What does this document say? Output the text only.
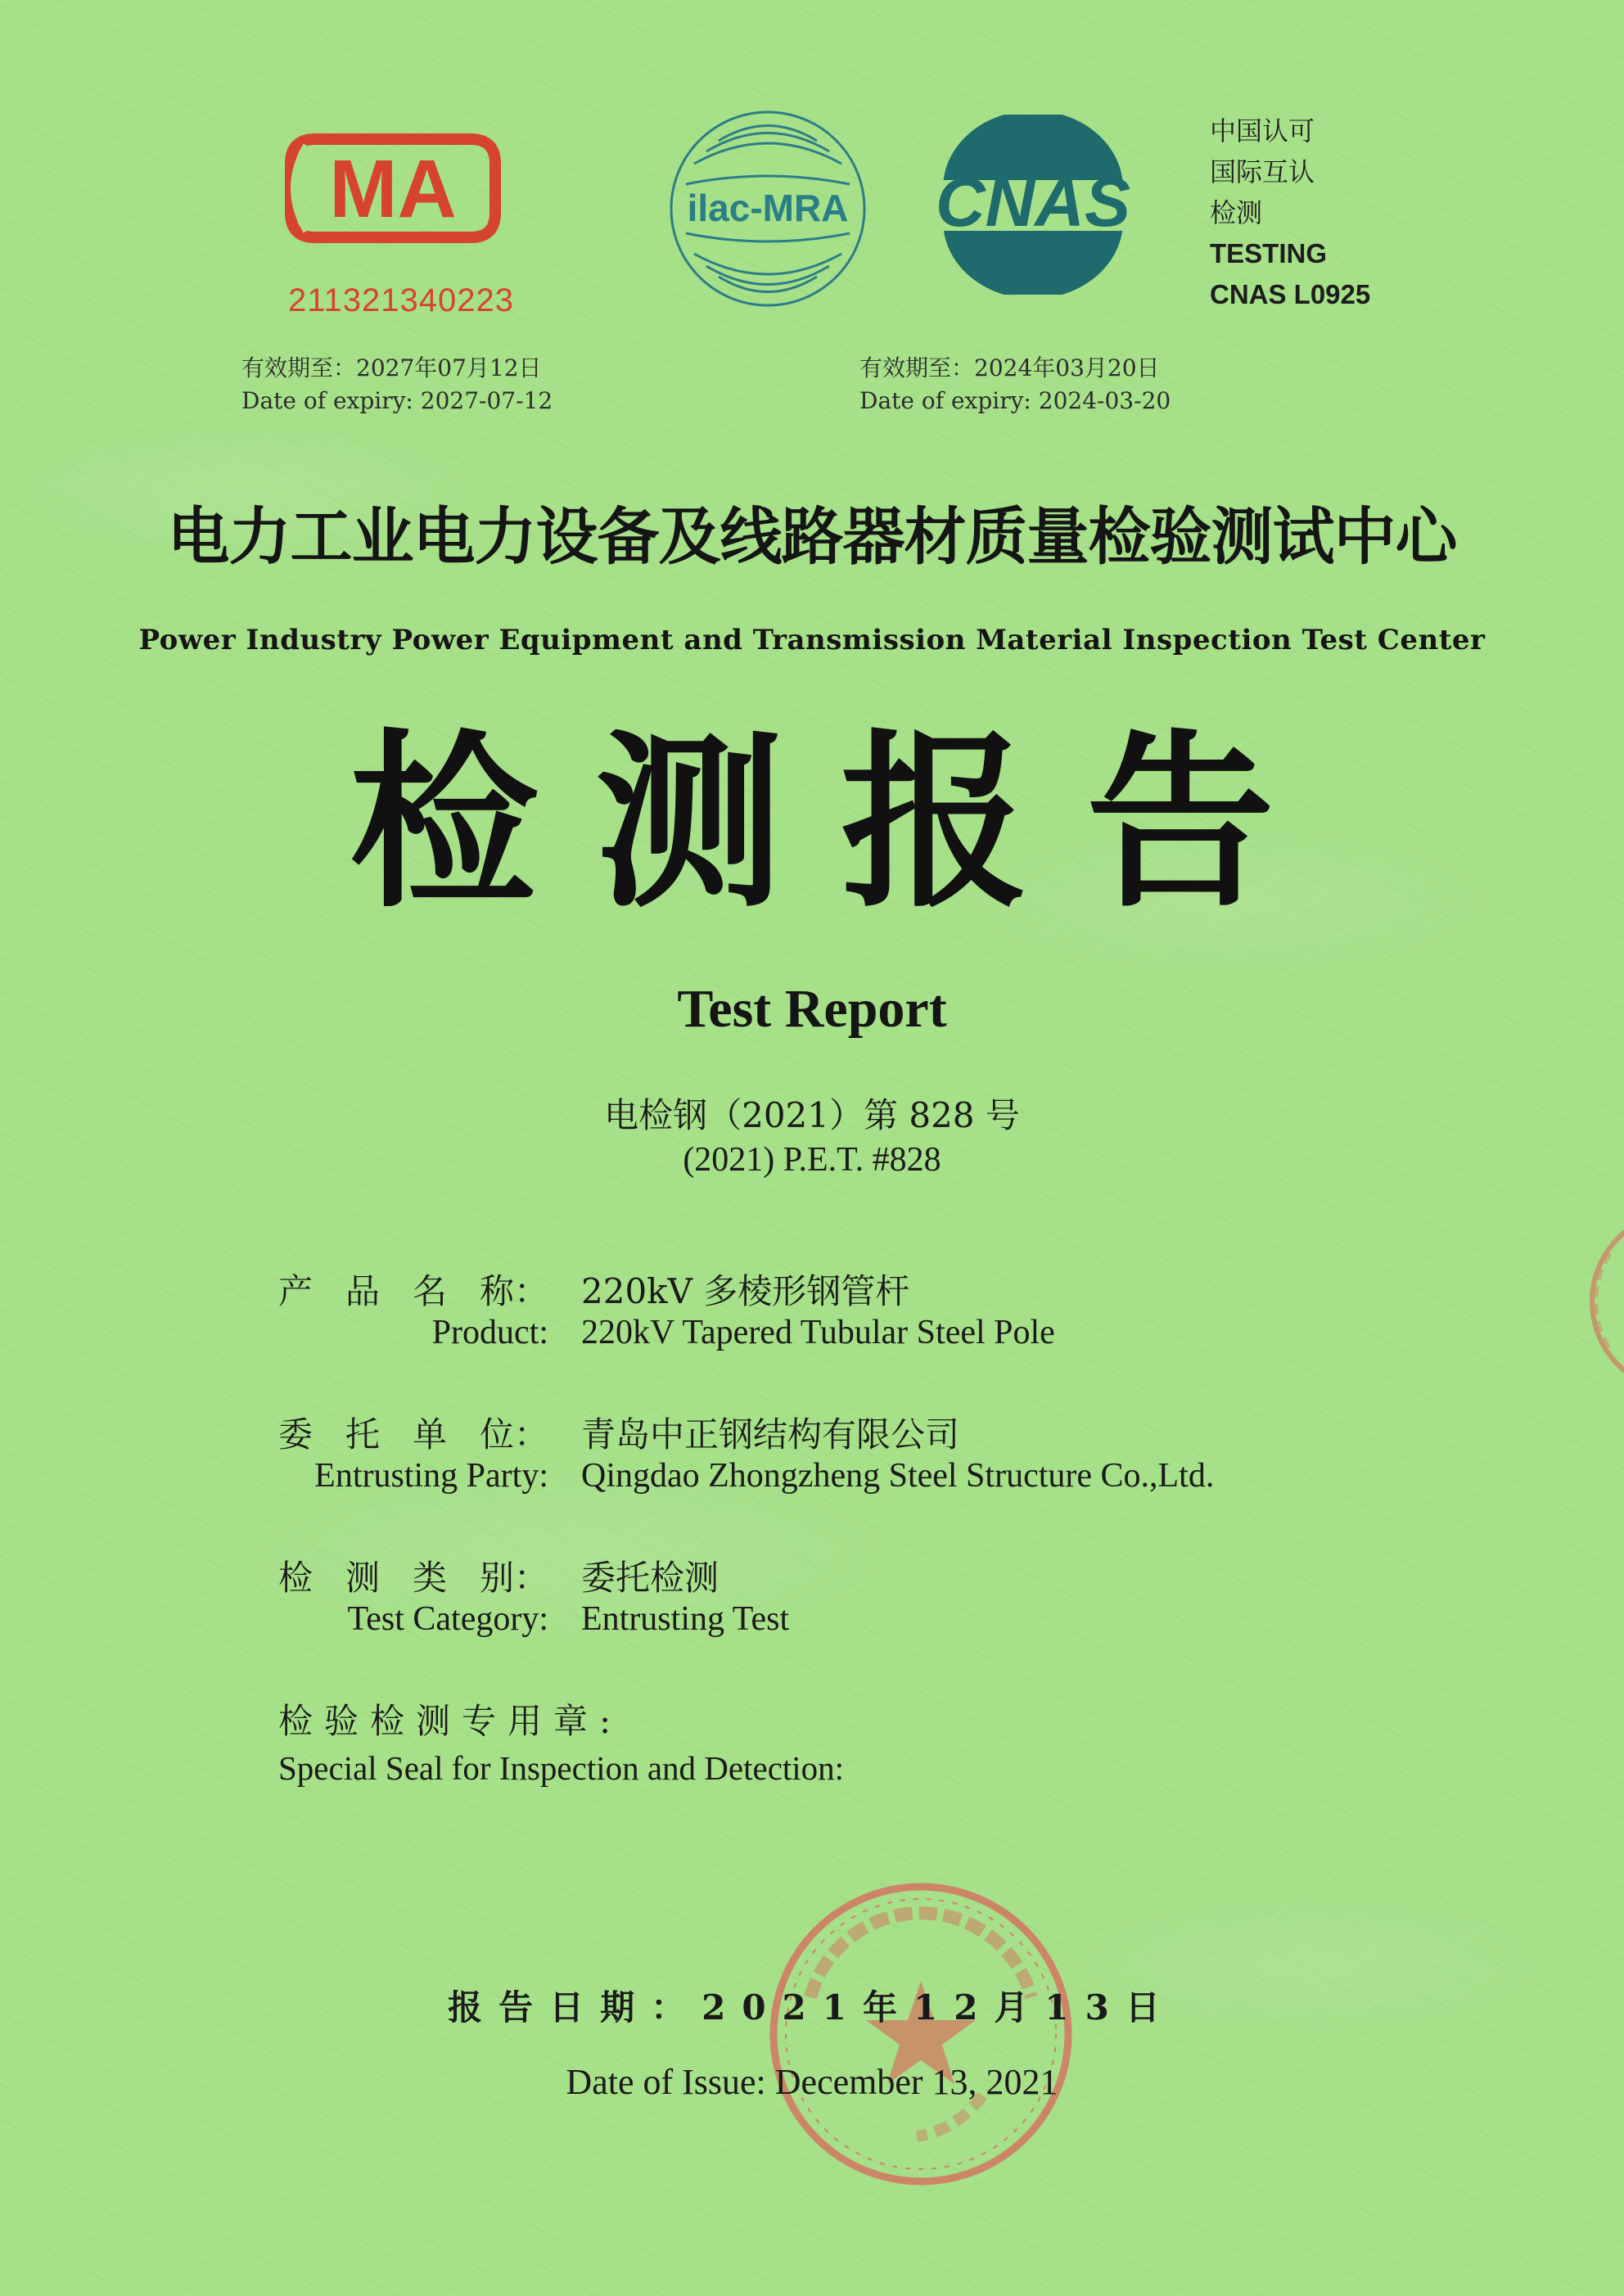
MA
211321340223
ilac-MRA CNAS
中国认可
国际互认
检测
TESTING
CNAS L0925
有效期至：2027年07月12日
Date of expiry: 2027-07-12
有效期至：2024年03月20日
Date of expiry: 2024-03-20
电力工业电力设备及线路器材质量检验测试中心
Power Industry Power Equipment and Transmission Material Inspection Test Center
检测报告
Test Report
电检钢（2021）第 828 号
(2021) P.E.T. #828
产 品 名 称： 220kV 多棱形钢管杆
Product: 220kV Tapered Tubular Steel Pole
委 托 单 位： 青岛中正钢结构有限公司
Entrusting Party: Qingdao Zhongzheng Steel Structure Co.,Ltd.
检 测 类 别： 委托检测
Test Category: Entrusting Test
检验检测专用章:
Special Seal for Inspection and Detection:
报告日期：2021年12月13日
Date of Issue: December 13, 2021
